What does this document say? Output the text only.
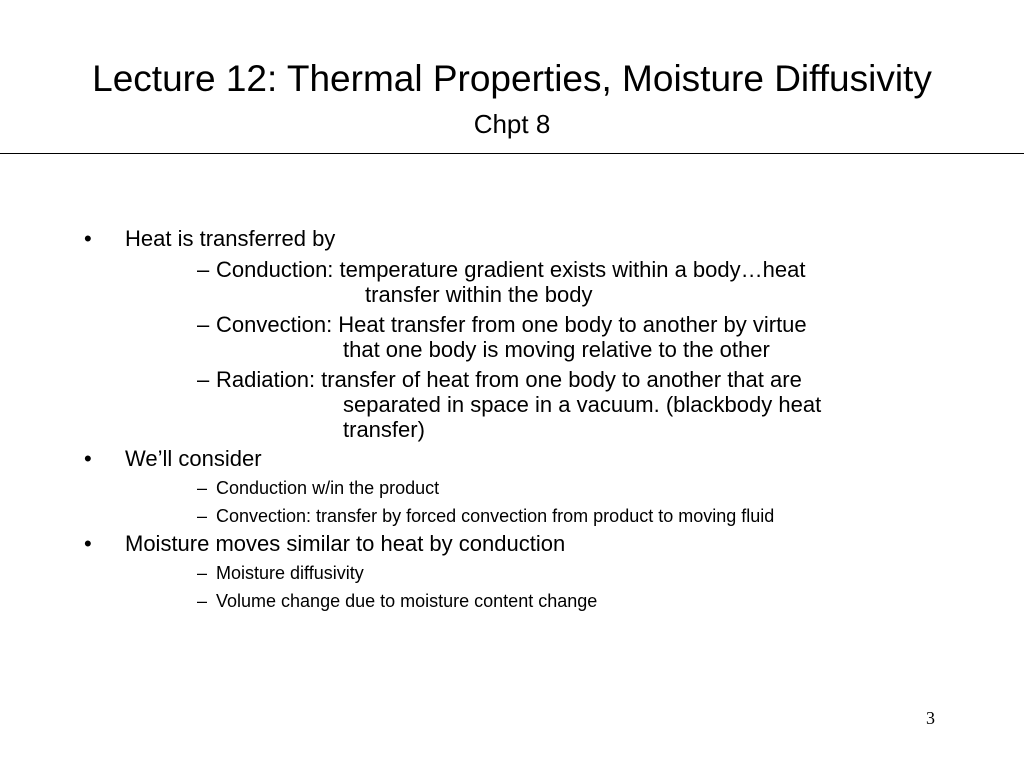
Lecture 12: Thermal Properties, Moisture Diffusivity
Chpt 8
• Heat is transferred by
– Conduction: temperature gradient exists within a body…heat
transfer within the body
– Convection: Heat transfer from one body to another by virtue
that one body is moving relative to the other
– Radiation: transfer of heat from one body to another that are
separated in space in a vacuum. (blackbody heat
transfer)
• We’ll consider
– Conduction w/in the product
– Convection: transfer by forced convection from product to moving fluid
• Moisture moves similar to heat by conduction
– Moisture diffusivity
– Volume change due to moisture content change
3
